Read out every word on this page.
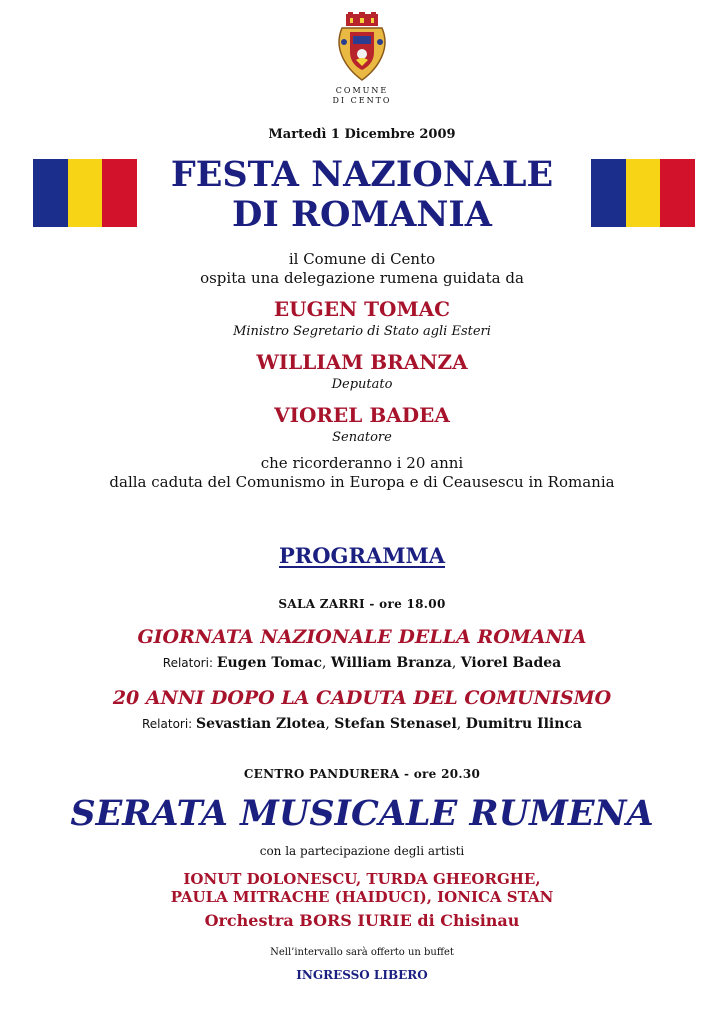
COMUNE
DI CENTO
Martedì 1 Dicembre 2009
FESTA NAZIONALE
DI ROMANIA
il Comune di Cento
ospita una delegazione rumena guidata da
EUGEN TOMAC
Ministro Segretario di Stato agli Esteri
WILLIAM BRANZA
Deputato
VIOREL BADEA
Senatore
che ricorderanno i 20 anni
dalla caduta del Comunismo in Europa e di Ceausescu in Romania
PROGRAMMA
SALA ZARRI - ore 18.00
GIORNATA NAZIONALE DELLA ROMANIA
Relatori: Eugen Tomac, William Branza, Viorel Badea
20 ANNI DOPO LA CADUTA DEL COMUNISMO
Relatori: Sevastian Zlotea, Stefan Stenasel, Dumitru Ilinca
CENTRO PANDURERA - ore 20.30
SERATA MUSICALE RUMENA
con la partecipazione degli artisti
IONUT DOLONESCU, TURDA GHEORGHE,
PAULA MITRACHE (HAIDUCI), IONICA STAN
Orchestra BORS IURIE di Chisinau
Nell’intervallo sarà offerto un buffet
INGRESSO LIBERO
